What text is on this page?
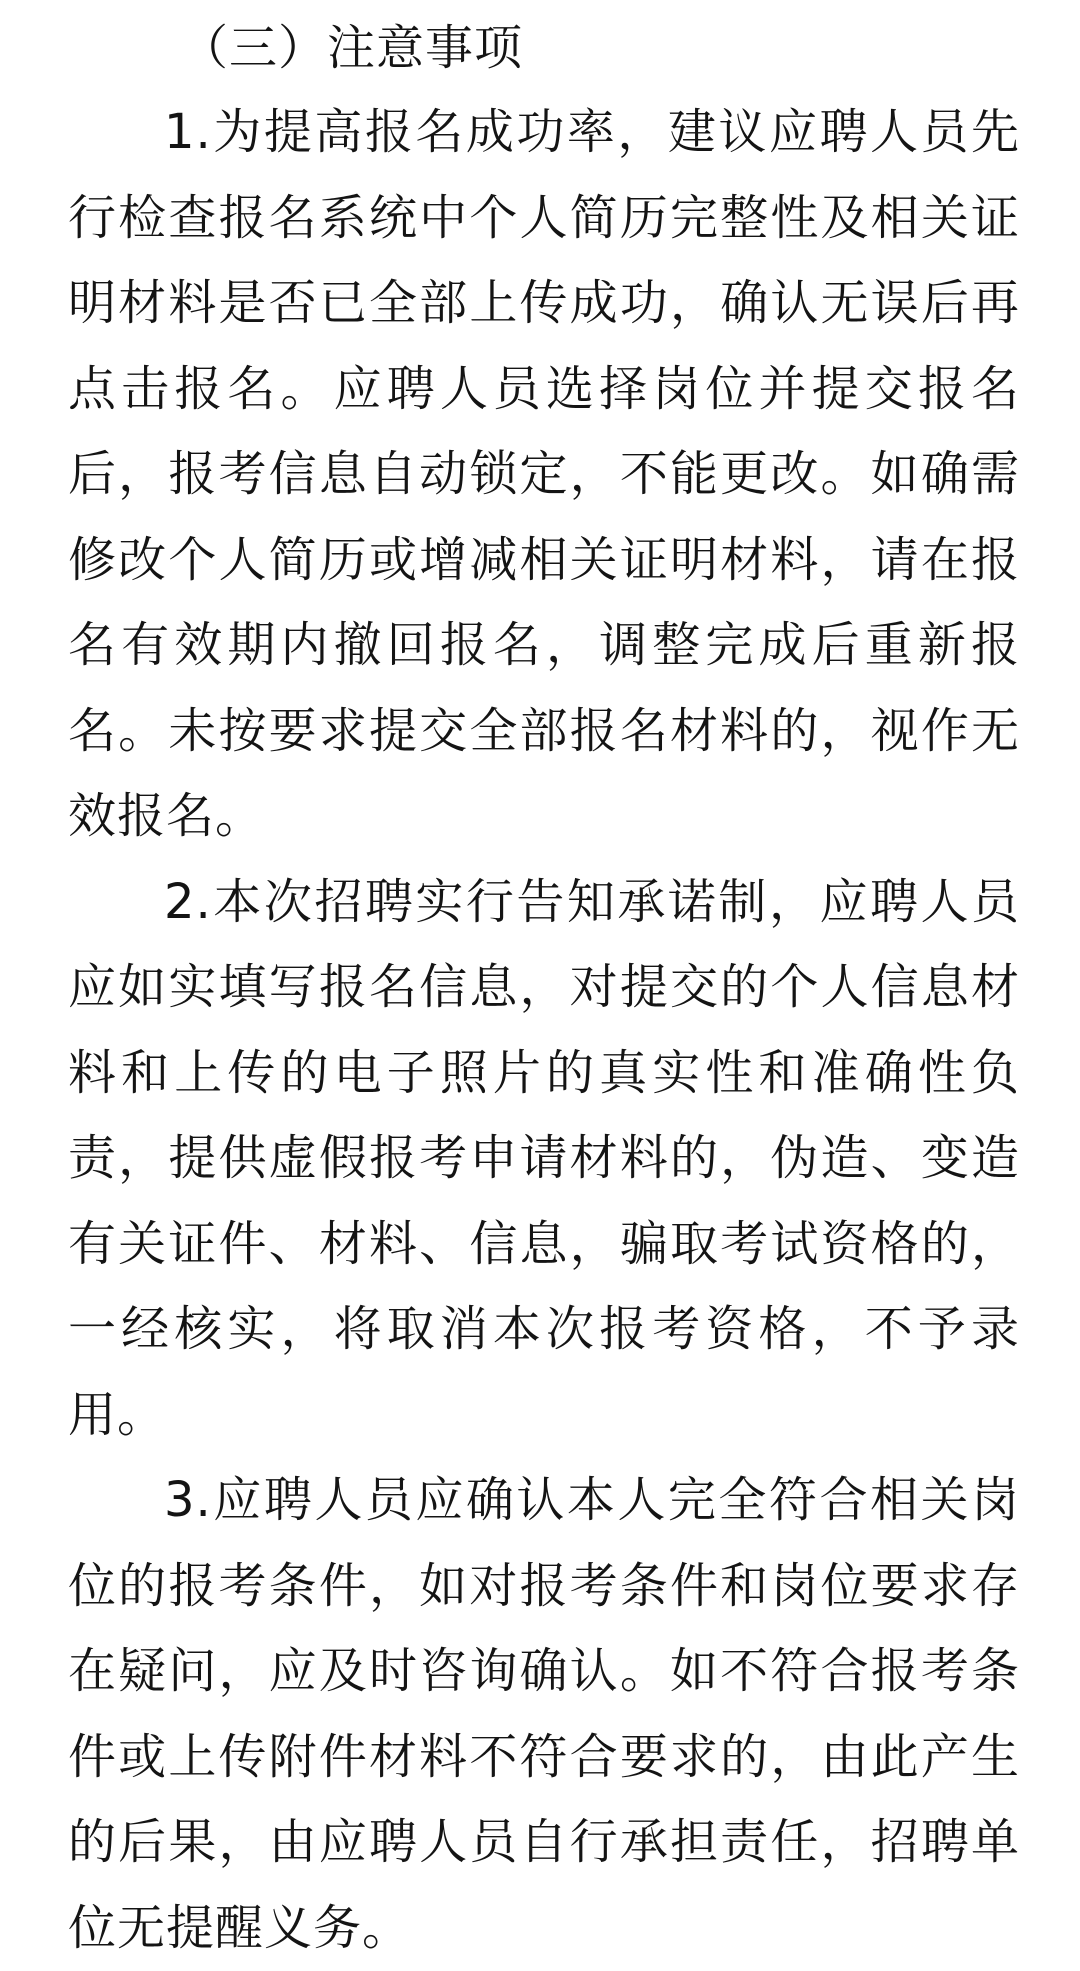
（三）注意事项

1.为提高报名成功率，建议应聘人员先行检查报名系统中个人简历完整性及相关证明材料是否已全部上传成功，确认无误后再点击报名。应聘人员选择岗位并提交报名后，报考信息自动锁定，不能更改。如确需修改个人简历或增减相关证明材料，请在报名有效期内撤回报名，调整完成后重新报名。未按要求提交全部报名材料的，视作无效报名。

2.本次招聘实行告知承诺制，应聘人员应如实填写报名信息，对提交的个人信息材料和上传的电子照片的真实性和准确性负责，提供虚假报考申请材料的，伪造、变造有关证件、材料、信息，骗取考试资格的，一经核实，将取消本次报考资格，不予录用。

3.应聘人员应确认本人完全符合相关岗位的报考条件，如对报考条件和岗位要求存在疑问，应及时咨询确认。如不符合报考条件或上传附件材料不符合要求的，由此产生的后果，由应聘人员自行承担责任，招聘单位无提醒义务。
